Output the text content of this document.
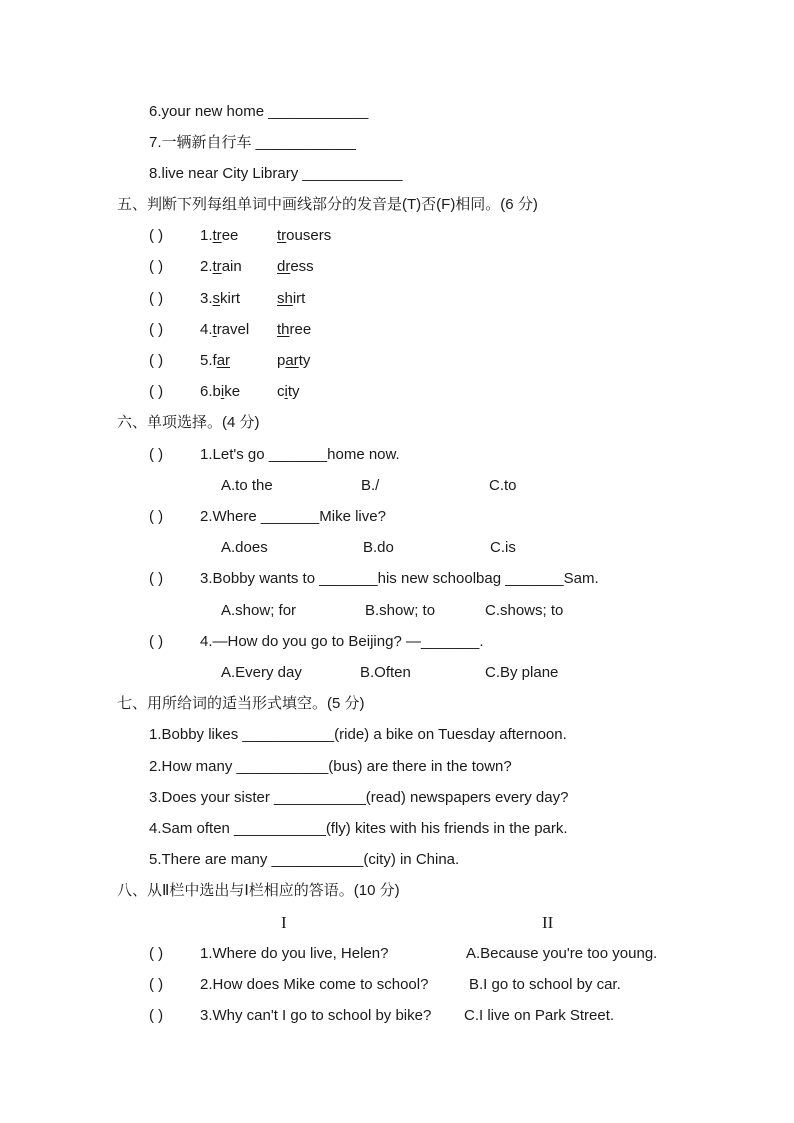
6.your new home ____________
7.一辆新自行车 ____________
8.live near City Library ____________
五、判断下列每组单词中画线部分的发音是(T)否(F)相同。(6 分)
( ) 1.tree	trousers
( ) 2.train dress
( ) 3.skirt shirt
( ) 4.travel three
( ) 5.far	party
( ) 6.bike city
六、单项选择。(4 分)
( ) 1.Let's go _______home now.
A.to the	B./	C.to
( ) 2.Where _______Mike live?
A.does	B.do	C.is
( ) 3.Bobby wants to _______his new schoolbag _______Sam.
A.show; for	B.show; to	C.shows; to
( ) 4.—How do you go to Beijing? —_______.
A.Every day	B.Often	C.By plane
七、用所给词的适当形式填空。(5 分)
1.Bobby likes ___________(ride) a bike on Tuesday afternoon.
2.How many ___________(bus) are there in the town?
3.Does your sister ___________(read) newspapers every day?
4.Sam often ___________(fly) kites with his friends in the park.
5.There are many ___________(city) in China.
八、从Ⅱ栏中选出与Ⅰ栏相应的答语。(10 分)
I	II
( ) 1.Where do you live, Helen?	A.Because you're too young.
( ) 2.How does Mike come to school?	B.I go to school by car.
( ) 3.Why can't I go to school by bike? C.I live on Park Street.
